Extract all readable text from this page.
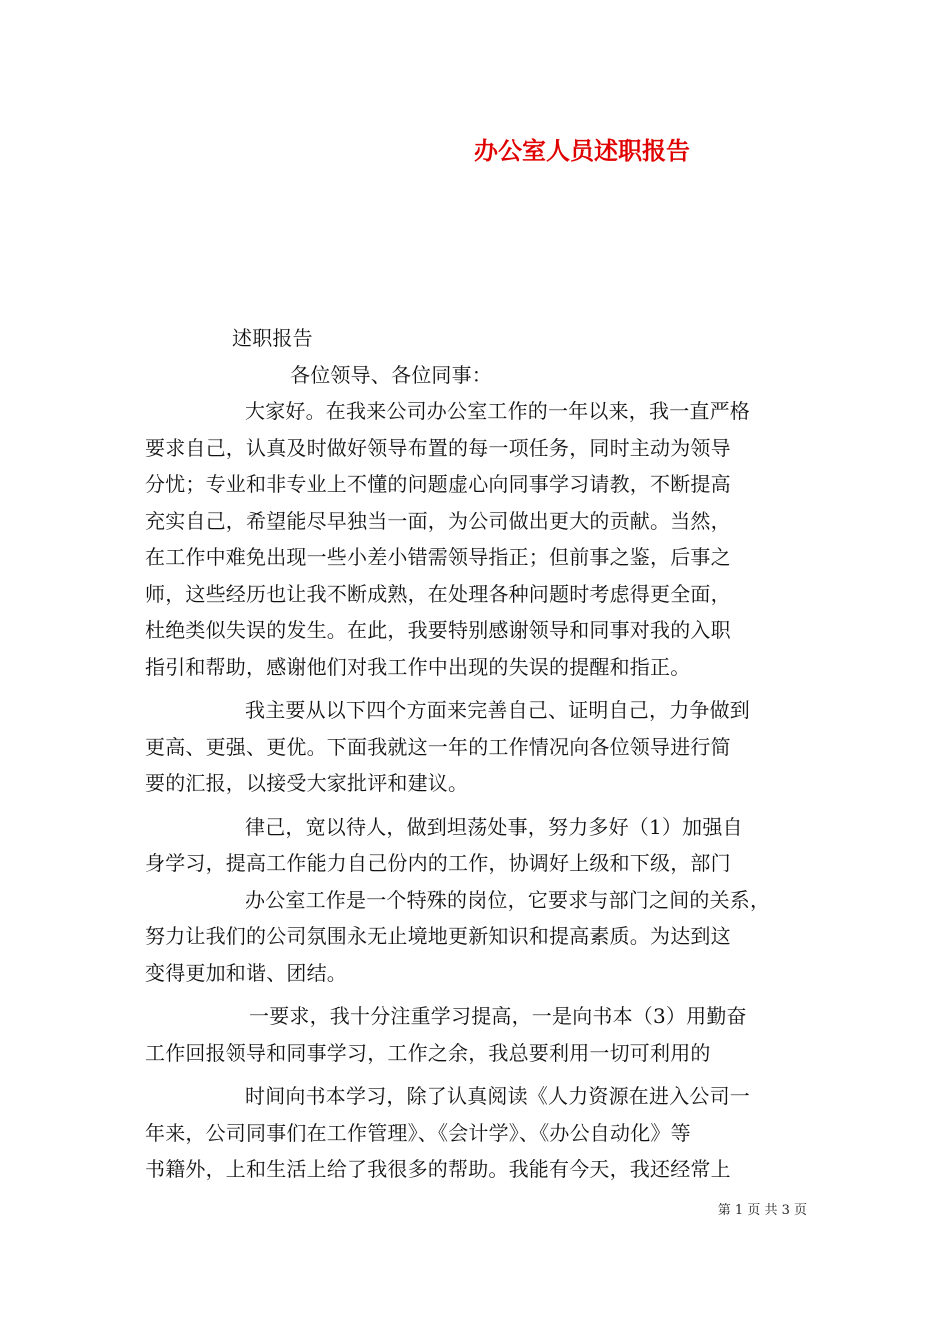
办公室人员述职报告
述职报告
各位领导、各位同事：
大家好。在我来公司办公室工作的一年以来，我一直严格
要求自己，认真及时做好领导布置的每一项任务，同时主动为领导
分忧；专业和非专业上不懂的问题虚心向同事学习请教，不断提高
充实自己，希望能尽早独当一面，为公司做出更大的贡献。当然，
在工作中难免出现一些小差小错需领导指正；但前事之鉴，后事之
师，这些经历也让我不断成熟，在处理各种问题时考虑得更全面，
杜绝类似失误的发生。在此，我要特别感谢领导和同事对我的入职
指引和帮助，感谢他们对我工作中出现的失误的提醒和指正。
我主要从以下四个方面来完善自己、证明自己，力争做到
更高、更强、更优。下面我就这一年的工作情况向各位领导进行简
要的汇报，以接受大家批评和建议。
律己，宽以待人，做到坦荡处事，努力多好（1）加强自
身学习，提高工作能力自己份内的工作，协调好上级和下级，部门
办公室工作是一个特殊的岗位，它要求与部门之间的关系，
努力让我们的公司氛围永无止境地更新知识和提高素质。为达到这
变得更加和谐、团结。
一要求，我十分注重学习提高，一是向书本（3）用勤奋
工作回报领导和同事学习，工作之余，我总要利用一切可利用的
时间向书本学习，除了认真阅读《人力资源在进入公司一
年来，公司同事们在工作管理》、《会计学》、《办公自动化》等
书籍外，上和生活上给了我很多的帮助。我能有今天，我还经常上
第 1 页 共 3 页
